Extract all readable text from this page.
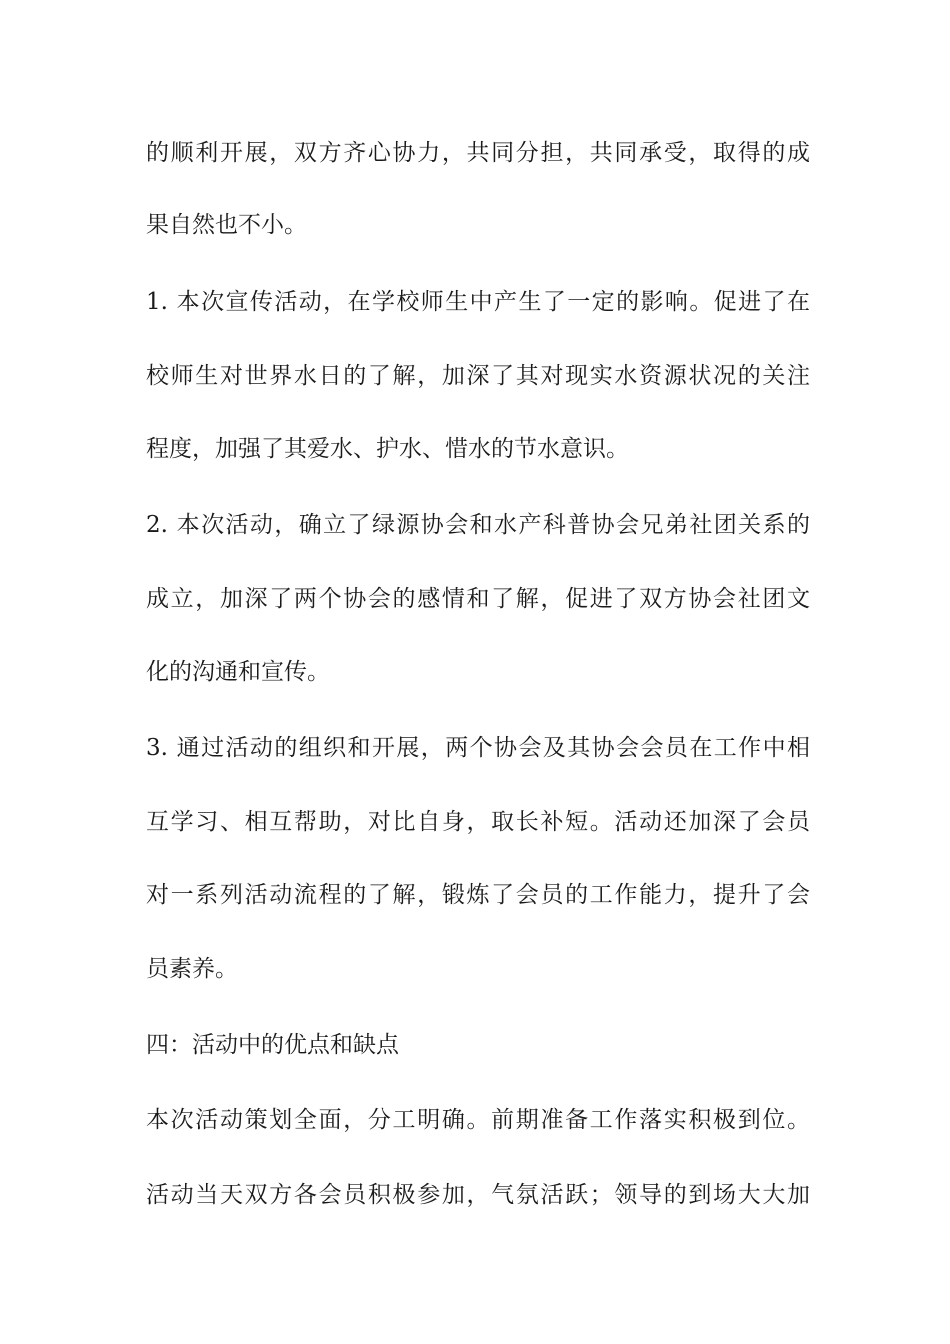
的顺利开展，双方齐心协力，共同分担，共同承受，取得的成

果自然也不小。

1. 本次宣传活动，在学校师生中产生了一定的影响。促进了在

校师生对世界水日的了解，加深了其对现实水资源状况的关注

程度，加强了其爱水、护水、惜水的节水意识。

2. 本次活动，确立了绿源协会和水产科普协会兄弟社团关系的

成立，加深了两个协会的感情和了解，促进了双方协会社团文

化的沟通和宣传。

3. 通过活动的组织和开展，两个协会及其协会会员在工作中相

互学习、相互帮助，对比自身，取长补短。活动还加深了会员

对一系列活动流程的了解，锻炼了会员的工作能力，提升了会

员素养。

四：活动中的优点和缺点

本次活动策划全面，分工明确。前期准备工作落实积极到位。

活动当天双方各会员积极参加，气氛活跃；领导的到场大大加
